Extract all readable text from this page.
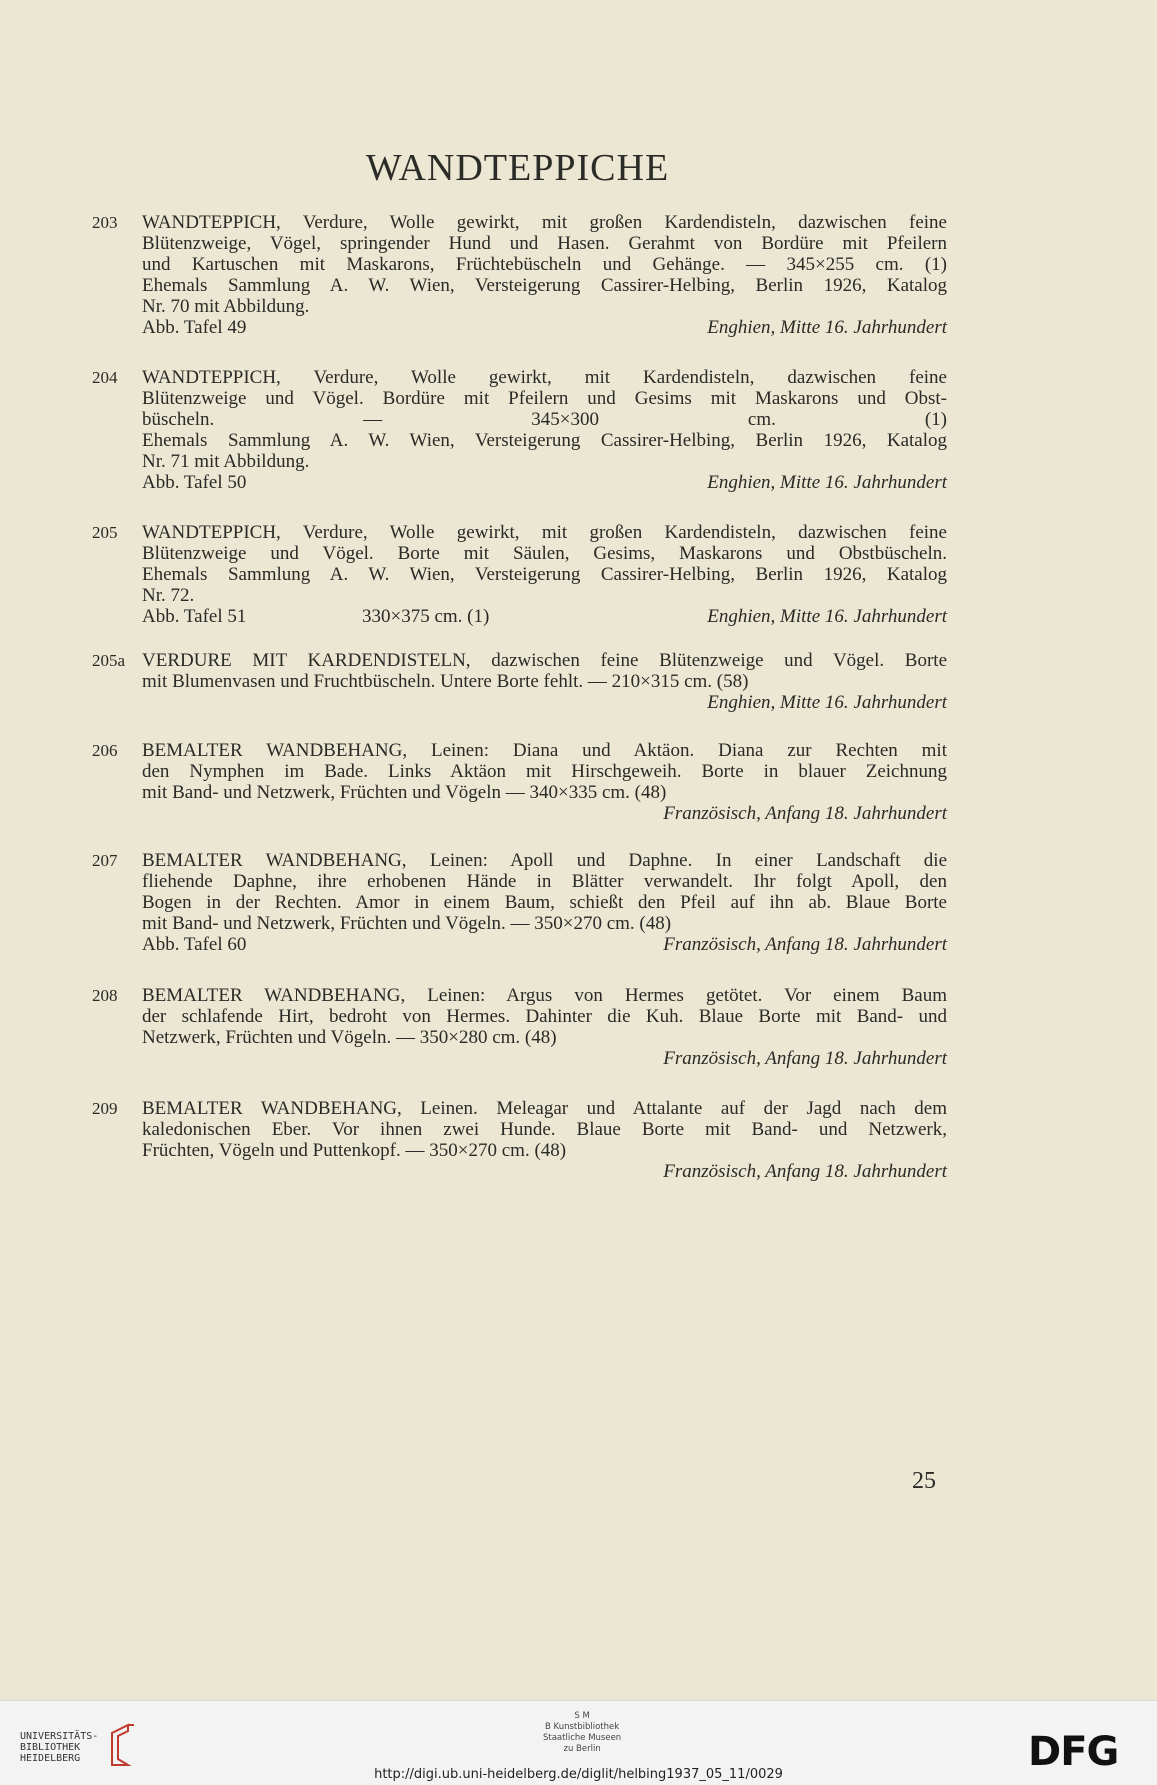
WANDTEPPICHE
203	WANDTEPPICH, Verdure, Wolle gewirkt, mit großen Kardendisteln, dazwischen feine
Blütenzweige, Vögel, springender Hund und Hasen. Gerahmt von Bordüre mit Pfeilern
und Kartuschen mit Maskarons, Früchtebüscheln und Gehänge. — 345×255 cm. (1)
Ehemals Sammlung A. W. Wien, Versteigerung Cassirer-Helbing, Berlin 1926, Katalog
Nr. 70 mit Abbildung.
Abb. Tafel 49	Enghien, Mitte 16. Jahrhundert
204	WANDTEPPICH, Verdure, Wolle gewirkt, mit Kardendisteln, dazwischen feine
Blütenzweige und Vögel. Bordüre mit Pfeilern und Gesims mit Maskarons und Obst-
büscheln. — 345×300 cm. (1)
Ehemals Sammlung A. W. Wien, Versteigerung Cassirer-Helbing, Berlin 1926, Katalog
Nr. 71 mit Abbildung.
Abb. Tafel 50	Enghien, Mitte 16. Jahrhundert
205	WANDTEPPICH, Verdure, Wolle gewirkt, mit großen Kardendisteln, dazwischen feine
Blütenzweige und Vögel. Borte mit Säulen, Gesims, Maskarons und Obstbüscheln.
Ehemals Sammlung A. W. Wien, Versteigerung Cassirer-Helbing, Berlin 1926, Katalog
Nr. 72.
Abb. Tafel 51	330×375 cm. (1)	Enghien, Mitte 16. Jahrhundert
205a VERDURE MIT KARDENDISTELN, dazwischen feine Blütenzweige und Vögel. Borte
mit Blumenvasen und Fruchtbüscheln. Untere Borte fehlt. — 210×315 cm. (58)
Enghien, Mitte 16. Jahrhundert
206	BEMALTER WANDBEHANG, Leinen: Diana und Aktäon. Diana zur Rechten mit
den Nymphen im Bade. Links Aktäon mit Hirschgeweih. Borte in blauer Zeichnung
mit Band- und Netzwerk, Früchten und Vögeln — 340×335 cm. (48)
Französisch, Anfang 18. Jahrhundert
207	BEMALTER WANDBEHANG, Leinen: Apoll und Daphne. In einer Landschaft die
fliehende Daphne, ihre erhobenen Hände in Blätter verwandelt. Ihr folgt Apoll, den
Bogen in der Rechten. Amor in einem Baum, schießt den Pfeil auf ihn ab. Blaue Borte
mit Band- und Netzwerk, Früchten und Vögeln. — 350×270 cm. (48)
Abb. Tafel 60	Französisch, Anfang 18. Jahrhundert
208	BEMALTER WANDBEHANG, Leinen: Argus von Hermes getötet. Vor einem Baum
der schlafende Hirt, bedroht von Hermes. Dahinter die Kuh. Blaue Borte mit Band- und
Netzwerk, Früchten und Vögeln. — 350×280 cm. (48)
Französisch, Anfang 18. Jahrhundert
209	BEMALTER WANDBEHANG, Leinen. Meleagar und Attalante auf der Jagd nach dem
kaledonischen Eber. Vor ihnen zwei Hunde. Blaue Borte mit Band- und Netzwerk,
Früchten, Vögeln und Puttenkopf. — 350×270 cm. (48)
Französisch, Anfang 18. Jahrhundert
25
UNIVERSITÄTS-
BIBLIOTHEK
HEIDELBERG
S M
B Kunstbibliothek
Staatliche Museen
zu Berlin	DFG
http://digi.ub.uni-heidelberg.de/diglit/helbing1937_05_11/0029
